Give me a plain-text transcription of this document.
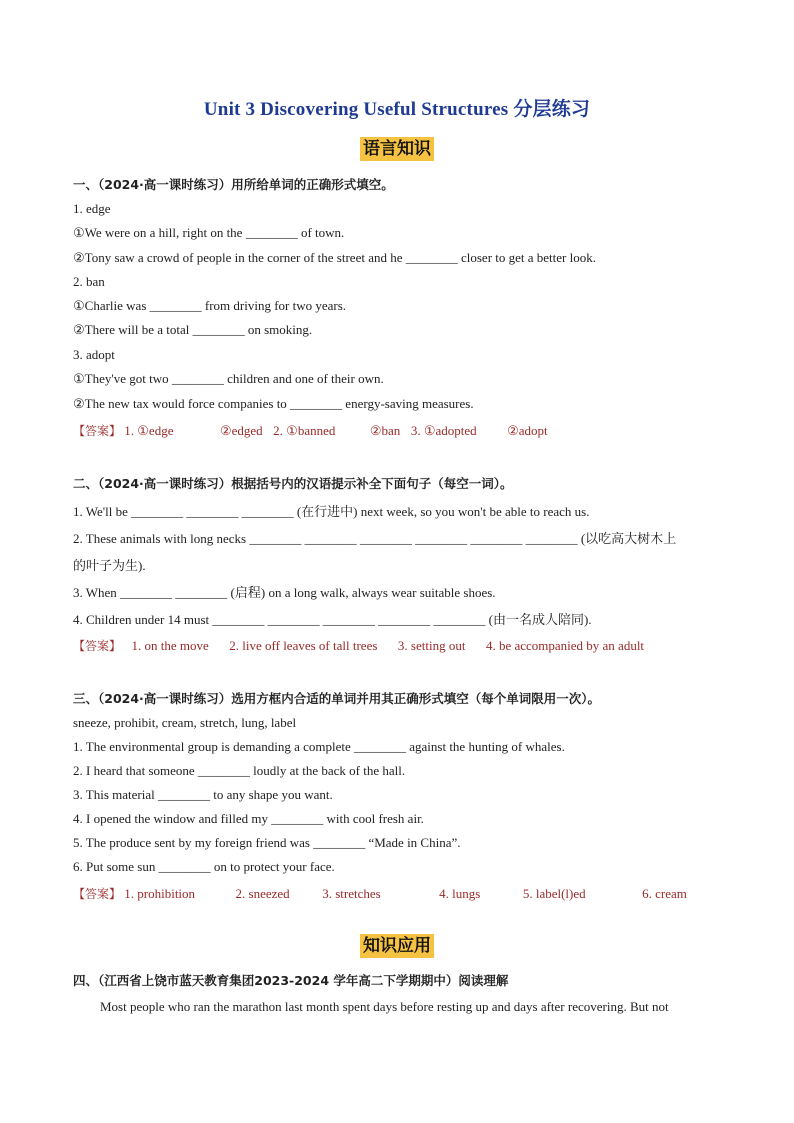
Unit 3 Discovering Useful Structures 分层练习
语言知识
一、（2024·高一课时练习）用所给单词的正确形式填空。
1. edge
①We were on a hill, right on the ________ of town.
②Tony saw a crowd of people in the corner of the street and he ________ closer to get a better look.
2. ban
①Charlie was ________ from driving for two years.
②There will be a total ________ on smoking.
3. adopt
①They've got two ________ children and one of their own.
②The new tax would force companies to ________ energy-saving measures.
【答案】 1. ①edge	②edged 2. ①banned	②ban 3. ①adopted ②adopt
二、（2024·高一课时练习）根据括号内的汉语提示补全下面句子（每空一词）。
1. We'll be ________ ________ ________ (在行进中) next week, so you won't be able to reach us.
2. These animals with long necks ________ ________ ________ ________ ________ ________ (以吃高大树木上
的叶子为生).
3. When ________ ________ (启程) on a long walk, always wear suitable shoes.
4. Children under 14 must ________ ________ ________ ________ ________ (由一名成人陪同).
【答案】 1. on the move 2. live off leaves of tall trees 3. setting out 4. be accompanied by an adult
三、（2024·高一课时练习）选用方框内合适的单词并用其正确形式填空（每个单词限用一次）。
sneeze, prohibit, cream, stretch, lung, label
1. The environmental group is demanding a complete ________ against the hunting of whales.
2. I heard that someone ________ loudly at the back of the hall.
3. This material ________ to any shape you want.
4. I opened the window and filled my ________ with cool fresh air.
5. The produce sent by my foreign friend was ________ “Made in China”.
6. Put some sun ________ on to protect your face.
【答案】 1. prohibition	2. sneezed	3. stretches	4. lungs	5. label(l)ed	6. cream
知识应用
四、（江西省上饶市蓝天教育集团2023-2024 学年高二下学期期中）阅读理解
Most people who ran the marathon last month spent days before resting up and days after recovering. But not
